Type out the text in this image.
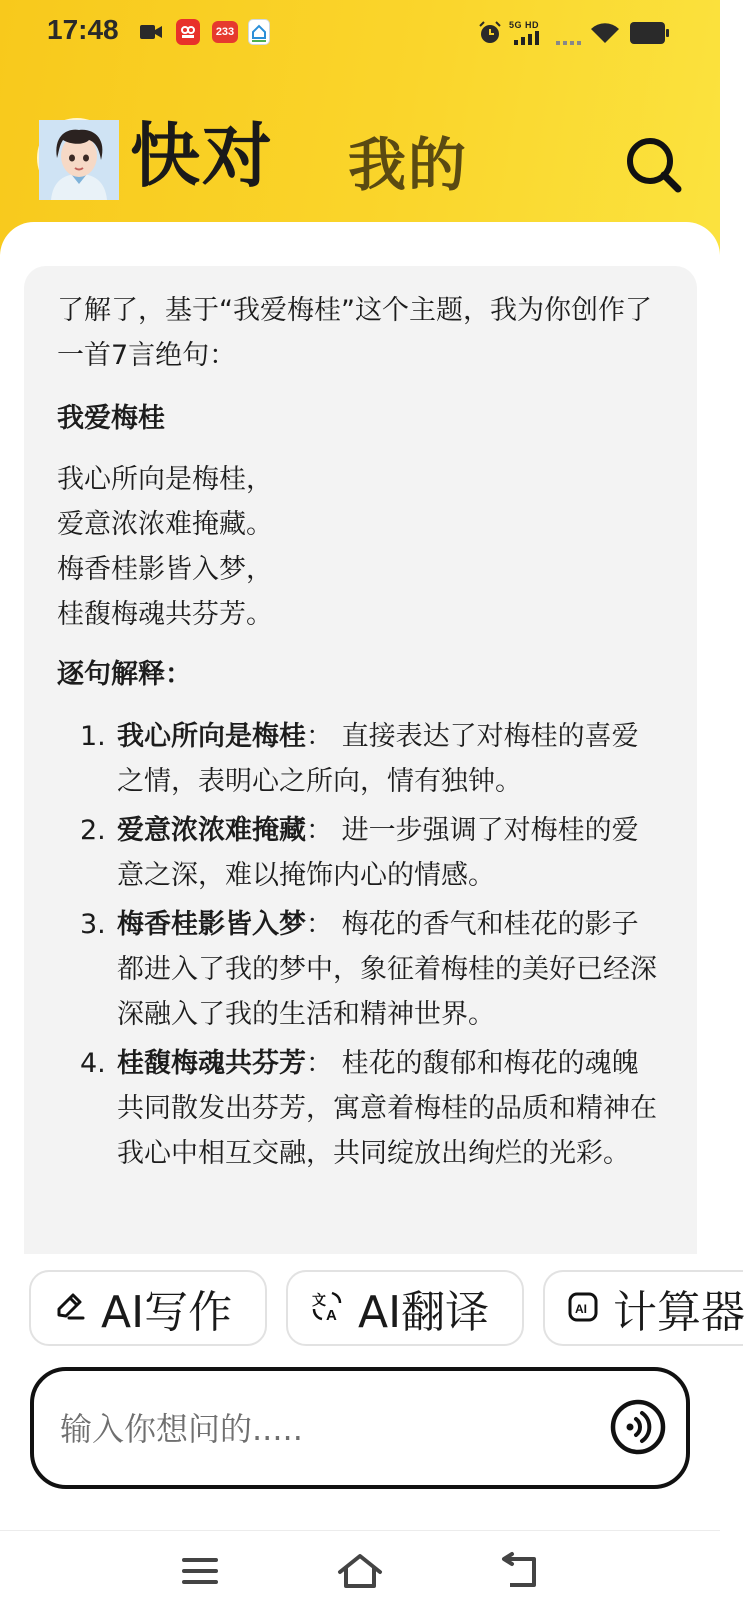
17:48	233
5G HD
快对 我的
了解了，基于“我爱梅桂”这个主题，我为你创作了一首7言绝句：
我爱梅桂
我心所向是梅桂，
爱意浓浓难掩藏。
梅香桂影皆入梦，
桂馥梅魂共芬芳。
逐句解释：
1. 我心所向是梅桂： 直接表达了对梅桂的喜爱之情，表明心之所向，情有独钟。
2. 爱意浓浓难掩藏： 进一步强调了对梅桂的爱意之深，难以掩饰内心的情感。
3. 梅香桂影皆入梦： 梅花的香气和桂花的影子都进入了我的梦中，象征着梅桂的美好已经深深融入了我的生活和精神世界。
4. 桂馥梅魂共芬芳： 桂花的馥郁和梅花的魂魄共同散发出芬芳，寓意着梅桂的品质和精神在我心中相互交融，共同绽放出绚烂的光彩。
AI写作	文
A AI翻译	AI 计算器
输入你想问的.....
